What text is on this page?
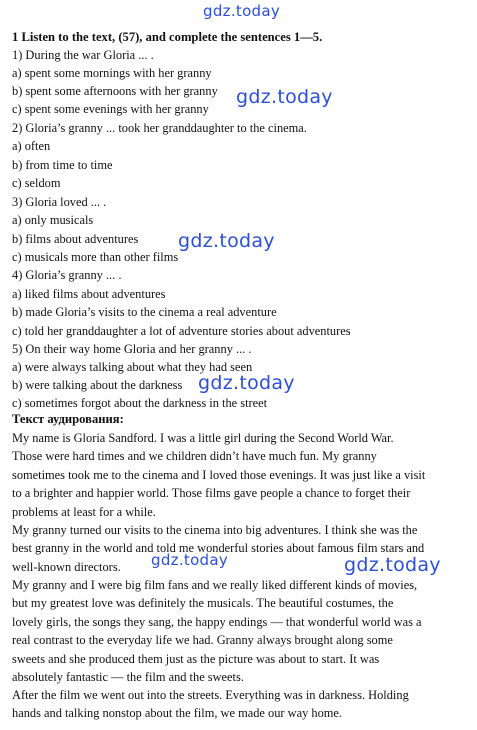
gdz.today
1 Listen to the text, (57), and complete the sentences 1—5.
1) During the war Gloria ... .
a) spent some mornings with her granny
b) spent some afternoons with her granny
c) spent some evenings with her granny
2) Gloria’s granny ... took her granddaughter to the cinema.
a) often
b) from time to time
c) seldom
3) Gloria loved ... .
a) only musicals
b) films about adventures
c) musicals more than other films
4) Gloria’s granny ... .
a) liked films about adventures
b) made Gloria’s visits to the cinema a real adventure
c) told her granddaughter a lot of adventure stories about adventures
5) On their way home Gloria and her granny ... .
a) were always talking about what they had seen
b) were talking about the darkness
c) sometimes forgot about the darkness in the street
Текст аудирования:
My name is Gloria Sandford. I was a little girl during the Second World War.
Those were hard times and we children didn’t have much fun. My granny
sometimes took me to the cinema and I loved those evenings. It was just like a visit
to a brighter and happier world. Those films gave people a chance to forget their
problems at least for a while.
My granny turned our visits to the cinema into big adventures. I think she was the
best granny in the world and told me wonderful stories about famous film stars and
well-known directors.
My granny and I were big film fans and we really liked different kinds of movies,
but my greatest love was definitely the musicals. The beautiful costumes, the
lovely girls, the songs they sang, the happy endings — that wonderful world was a
real contrast to the everyday life we had. Granny always brought along some
sweets and she produced them just as the picture was about to start. It was
absolutely fantastic — the film and the sweets.
After the film we went out into the streets. Everything was in darkness. Holding
hands and talking nonstop about the film, we made our way home.
gdz.today
gdz.today
gdz.today
gdz.today	gdz.today
